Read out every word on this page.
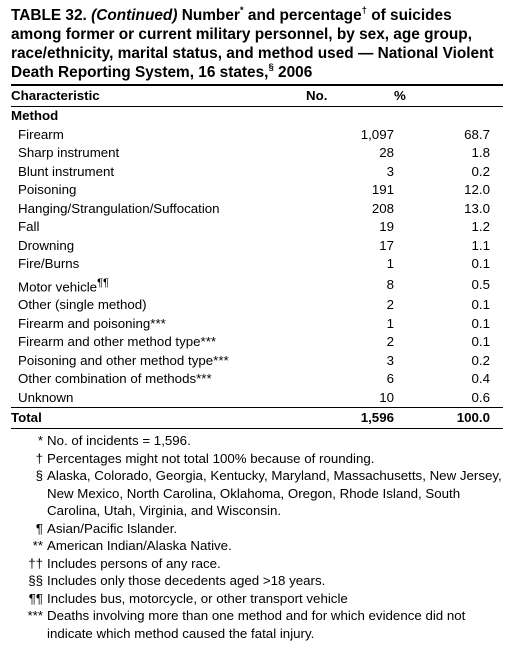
TABLE 32. (Continued) Number* and percentage† of suicides among former or current military personnel, by sex, age group, race/ethnicity, marital status, and method used — National Violent Death Reporting System, 16 states,§ 2006
Characteristic	No.	%

Method		
Firearm	1,097	68.7
Sharp instrument	28	1.8
Blunt instrument	3	0.2
Poisoning	191	12.0
Hanging/Strangulation/Suffocation	208	13.0
Fall	19	1.2
Drowning	17	1.1
Fire/Burns	1	0.1
Motor vehicle¶¶	8	0.5
Other (single method)	2	0.1
Firearm and poisoning***	1	0.1
Firearm and other method type***	2	0.1
Poisoning and other method type***	3	0.2
Other combination of methods***	6	0.4
Unknown	10	0.6

Total	1,596	100.0

* No. of incidents = 1,596.
† Percentages might not total 100% because of rounding.
§ Alaska, Colorado, Georgia, Kentucky, Maryland, Massachusetts, New Jersey, New Mexico, North Carolina, Oklahoma, Oregon, Rhode Island, South Carolina, Utah, Virginia, and Wisconsin.
¶ Asian/Pacific Islander.
** American Indian/Alaska Native.
†† Includes persons of any race.
§§ Includes only those decedents aged >18 years.
¶¶ Includes bus, motorcycle, or other transport vehicle
*** Deaths involving more than one method and for which evidence did not indicate which method caused the fatal injury.
